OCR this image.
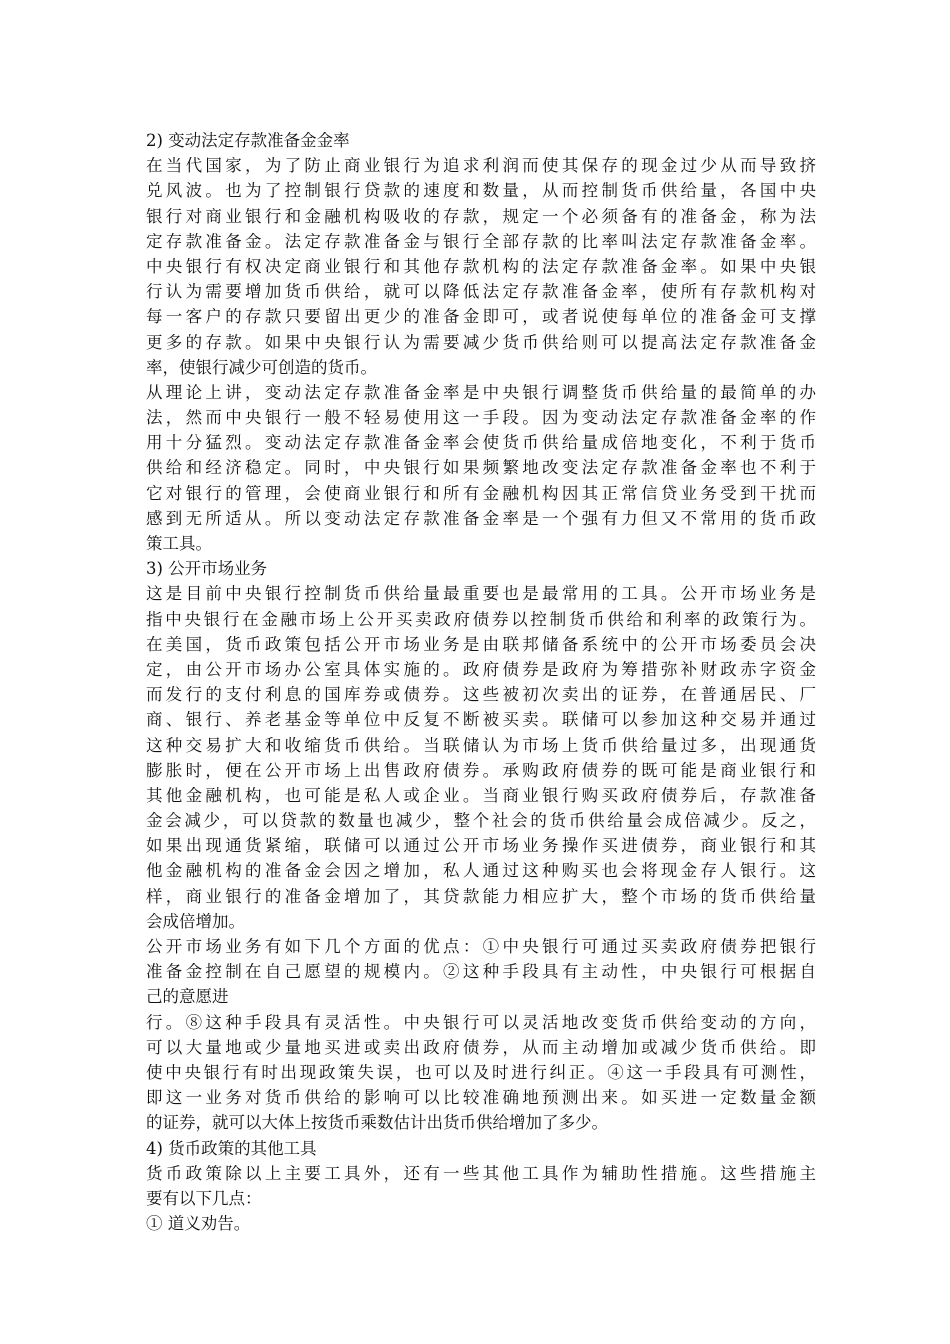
2) 变动法定存款准备金金率
在当代国家，为了防止商业银行为追求利润而使其保存的现金过少从而导致挤
兑风波。也为了控制银行贷款的速度和数量，从而控制货币供给量，各国中央
银行对商业银行和金融机构吸收的存款，规定一个必须备有的准备金，称为法
定存款准备金。法定存款准备金与银行全部存款的比率叫法定存款准备金率。
中央银行有权决定商业银行和其他存款机构的法定存款准备金率。如果中央银
行认为需要增加货币供给，就可以降低法定存款准备金率，使所有存款机构对
每一客户的存款只要留出更少的准备金即可，或者说使每单位的准备金可支撑
更多的存款。如果中央银行认为需要减少货币供给则可以提高法定存款准备金
率，使银行减少可创造的货币。
从理论上讲，变动法定存款准备金率是中央银行调整货币供给量的最简单的办
法，然而中央银行一般不轻易使用这一手段。因为变动法定存款准备金率的作
用十分猛烈。变动法定存款准备金率会使货币供给量成倍地变化，不利于货币
供给和经济稳定。同时，中央银行如果频繁地改变法定存款准备金率也不利于
它对银行的管理，会使商业银行和所有金融机构因其正常信贷业务受到干扰而
感到无所适从。所以变动法定存款准备金率是一个强有力但又不常用的货币政
策工具。
3) 公开市场业务
这是目前中央银行控制货币供给量最重要也是最常用的工具。公开市场业务是
指中央银行在金融市场上公开买卖政府债券以控制货币供给和利率的政策行为。
在美国，货币政策包括公开市场业务是由联邦储备系统中的公开市场委员会决
定，由公开市场办公室具体实施的。政府债券是政府为筹措弥补财政赤字资金
而发行的支付利息的国库券或债券。这些被初次卖出的证券，在普通居民、厂
商、银行、养老基金等单位中反复不断被买卖。联储可以参加这种交易并通过
这种交易扩大和收缩货币供给。当联储认为市场上货币供给量过多，出现通货
膨胀时，便在公开市场上出售政府债券。承购政府债券的既可能是商业银行和
其他金融机构，也可能是私人或企业。当商业银行购买政府债券后，存款准备
金会减少，可以贷款的数量也减少，整个社会的货币供给量会成倍减少。反之，
如果出现通货紧缩，联储可以通过公开市场业务操作买进债券，商业银行和其
他金融机构的准备金会因之增加，私人通过这种购买也会将现金存人银行。这
样，商业银行的准备金增加了，其贷款能力相应扩大，整个市场的货币供给量
会成倍增加。
公开市场业务有如下几个方面的优点：①中央银行可通过买卖政府债券把银行
准备金控制在自己愿望的规模内。②这种手段具有主动性，中央银行可根据自
己的意愿进
行。⑧这种手段具有灵活性。中央银行可以灵活地改变货币供给变动的方向，
可以大量地或少量地买进或卖出政府债券，从而主动增加或减少货币供给。即
使中央银行有时出现政策失误，也可以及时进行纠正。④这一手段具有可测性，
即这一业务对货币供给的影响可以比较准确地预测出来。如买进一定数量金额
的证券，就可以大体上按货币乘数估计出货币供给增加了多少。
4) 货币政策的其他工具
货币政策除以上主要工具外，还有一些其他工具作为辅助性措施。这些措施主
要有以下几点：
① 道义劝告。
